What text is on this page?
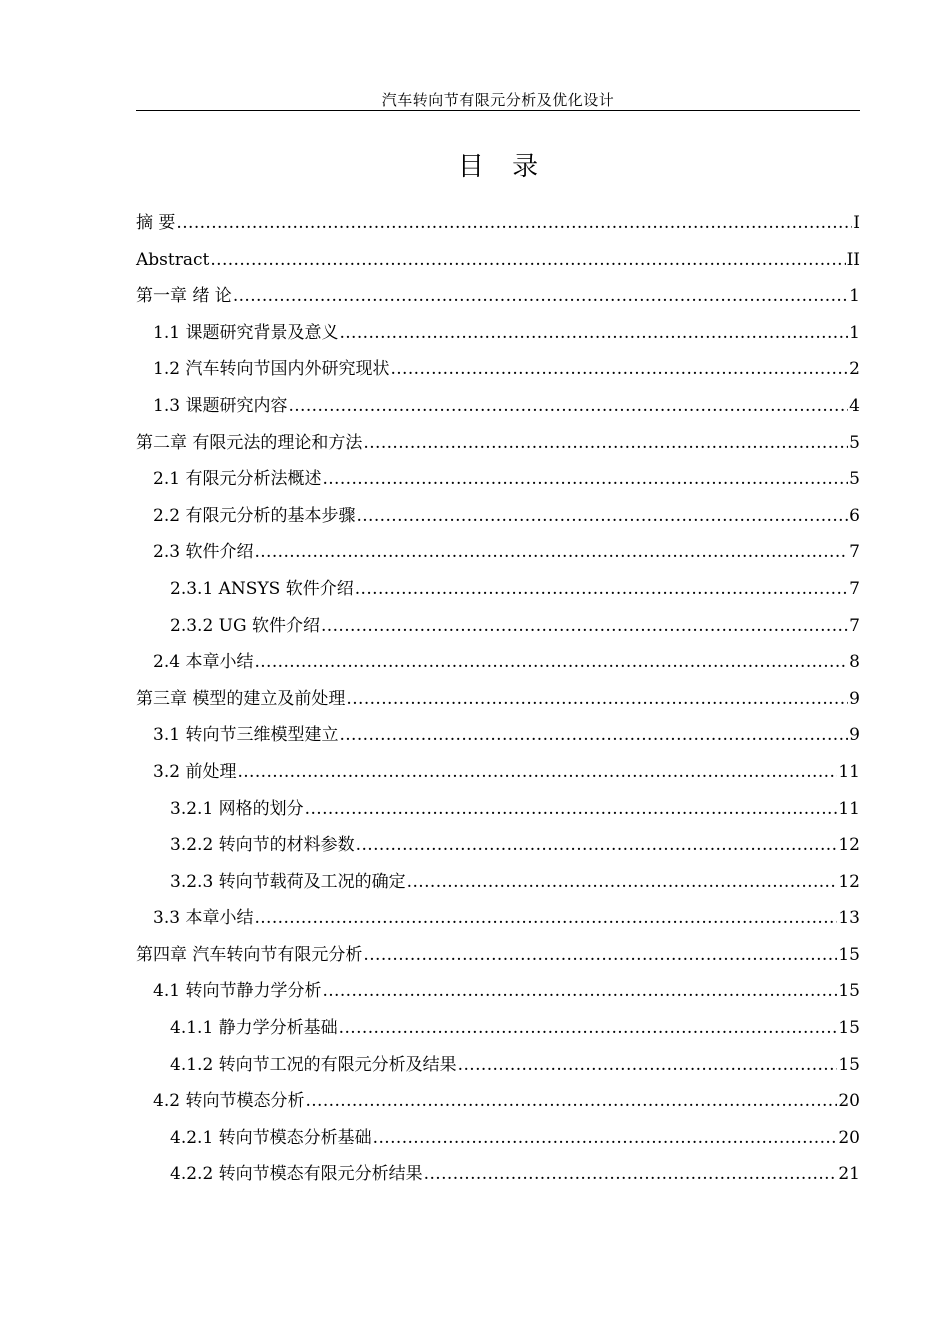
汽车转向节有限元分析及优化设计
目 录
摘 要 .....	I
Abstract .....	II
第一章 绪 论 .....	1
1.1 课题研究背景及意义 .....	1
1.2 汽车转向节国内外研究现状 .....	2
1.3 课题研究内容 .....	4
第二章 有限元法的理论和方法 .....	5
2.1 有限元分析法概述 .....	5
2.2 有限元分析的基本步骤 .....	6
2.3 软件介绍 .....	7
2.3.1 ANSYS 软件介绍 .....	7
2.3.2 UG 软件介绍 .....	7
2.4 本章小结 .....	8
第三章 模型的建立及前处理 .....	9
3.1 转向节三维模型建立 .....	9
3.2 前处理 .....	11
3.2.1 网格的划分 .....	11
3.2.2 转向节的材料参数 .....	12
3.2.3 转向节载荷及工况的确定 .....	12
3.3 本章小结 .....	13
第四章 汽车转向节有限元分析 .....	15
4.1 转向节静力学分析 .....	15
4.1.1 静力学分析基础 .....	15
4.1.2 转向节工况的有限元分析及结果 .....	15
4.2 转向节模态分析 .....	20
4.2.1 转向节模态分析基础 .....	20
4.2.2 转向节模态有限元分析结果 .....	21
